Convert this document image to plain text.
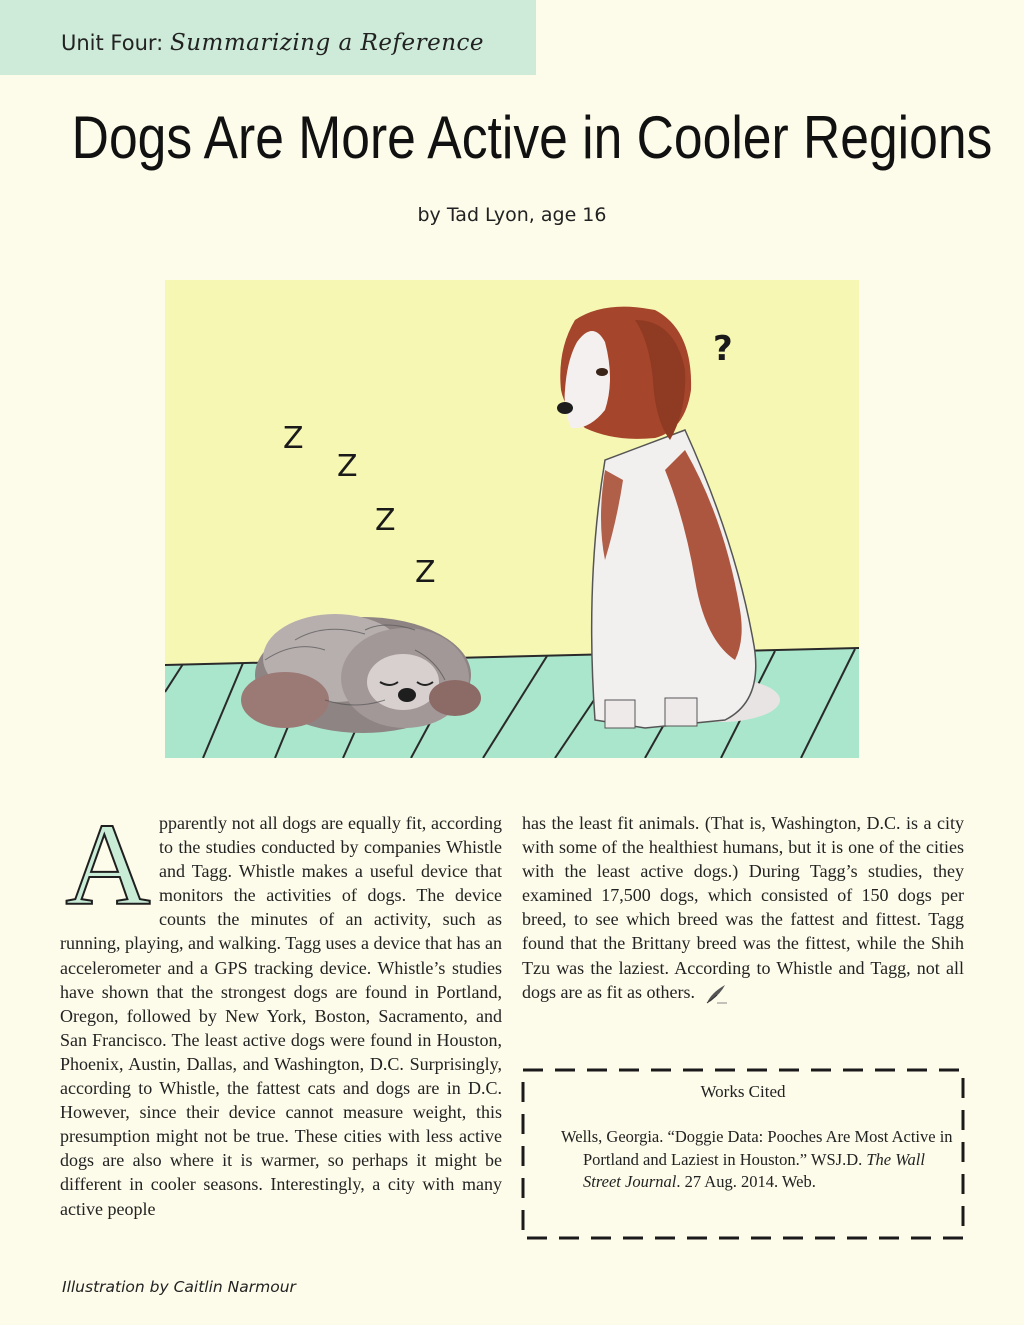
Unit Four: Summarizing a Reference
Dogs Are More Active in Cooler Regions
by Tad Lyon, age 16
Z
Z
Z
Z
?
A pparently not all dogs are equally fit, according to the studies conducted by companies Whistle and Tagg. Whistle makes a useful device that monitors the activities of dogs. The device counts the minutes of an activity, such as running, playing, and walking. Tagg uses a device that has an accelerometer and a GPS tracking device. Whistle’s studies have shown that the strongest dogs are found in Portland, Oregon, followed by New York, Boston, Sacramento, and San Francisco. The least active dogs were found in Houston, Phoenix, Austin, Dallas, and Washington, D.C. Surprisingly, according to Whistle, the fattest cats and dogs are in D.C. However, since their device cannot measure weight, this presumption might not be true. These cities with less active dogs are also where it is warmer, so perhaps it might be different in cooler seasons. Interestingly, a city with many active people
has the least fit animals. (That is, Washington, D.C. is a city with some of the healthiest humans, but it is one of the cities with the least active dogs.) During Tagg’s studies, they examined 17,500 dogs, which consisted of 150 dogs per breed, to see which breed was the fattest and fittest. Tagg found that the Brittany breed was the fittest, while the Shih Tzu was the laziest. According to Whistle and Tagg, not all dogs are as fit as others.
Works Cited
Wells, Georgia. “Doggie Data: Pooches Are Most Active in Portland and Laziest in Houston.” WSJ.D. The Wall Street Journal. 27 Aug. 2014. Web.
Illustration by Caitlin Narmour
